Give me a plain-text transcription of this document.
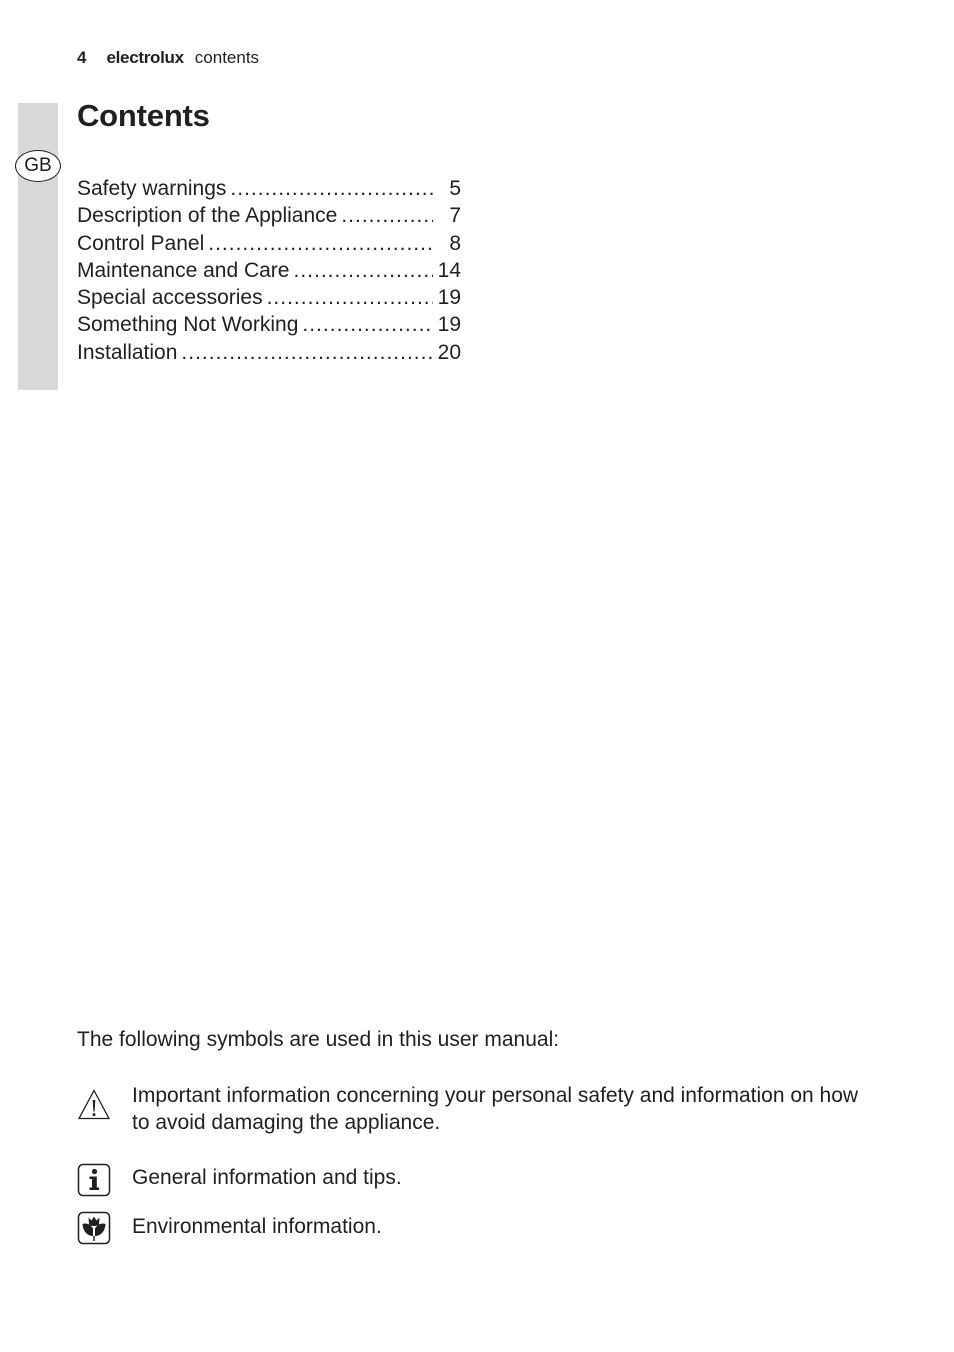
GB
4 electrolux contents
Contents
Safety warnings .....	5
Description of the Appliance .....	7
Control Panel .....	8
Maintenance and Care .....	14
Special accessories .....	19
Something Not Working .....	19
Installation .....	20
The following symbols are used in this user manual:
Important information concerning your personal safety and information on how to avoid damaging the appliance.
General information and tips.
Environmental information.
